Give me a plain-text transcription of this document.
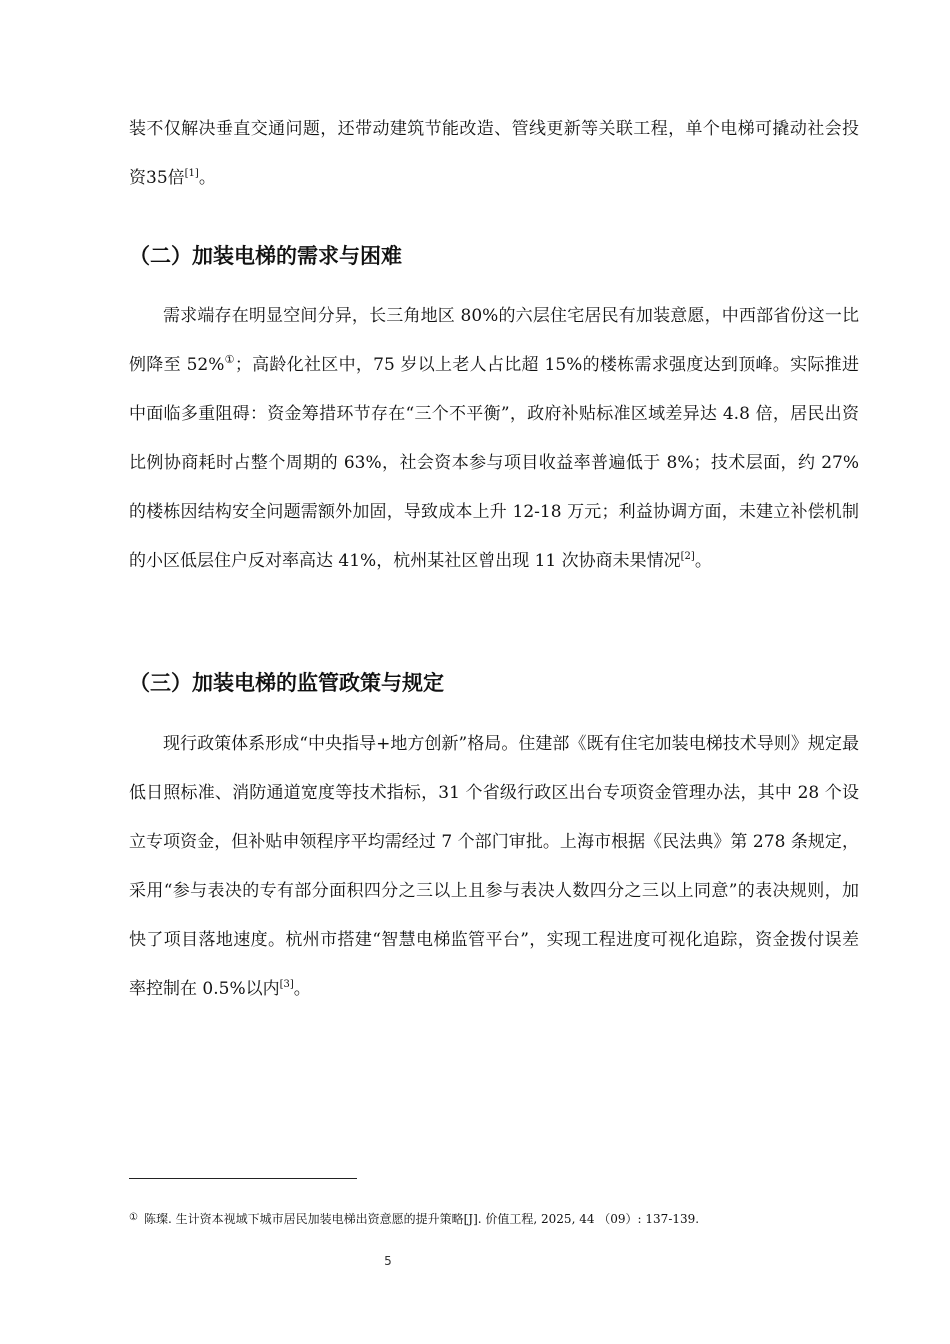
装不仅解决垂直交通问题，还带动建筑节能改造、管线更新等关联工程，单个电梯可撬动社会投资35倍[1]。

（二）加装电梯的需求与困难

需求端存在明显空间分异，长三角地区 80%的六层住宅居民有加装意愿，中西部省份这一比例降至 52%①；高龄化社区中，75 岁以上老人占比超 15%的楼栋需求强度达到顶峰。实际推进中面临多重阻碍：资金筹措环节存在“三个不平衡”，政府补贴标准区域差异达 4.8 倍，居民出资比例协商耗时占整个周期的 63%，社会资本参与项目收益率普遍低于 8%；技术层面，约 27%的楼栋因结构安全问题需额外加固，导致成本上升 12-18 万元；利益协调方面，未建立补偿机制的小区低层住户反对率高达 41%，杭州某社区曾出现 11 次协商未果情况[2]。

（三）加装电梯的监管政策与规定

现行政策体系形成“中央指导+地方创新”格局。住建部《既有住宅加装电梯技术导则》规定最低日照标准、消防通道宽度等技术指标，31 个省级行政区出台专项资金管理办法，其中 28 个设立专项资金，但补贴申领程序平均需经过 7 个部门审批。上海市根据《民法典》第 278 条规定，采用“参与表决的专有部分面积四分之三以上且参与表决人数四分之三以上同意”的表决规则，加快了项目落地速度。杭州市搭建“智慧电梯监管平台”，实现工程进度可视化追踪，资金拨付误差率控制在 0.5%以内[3]。

① 陈璨. 生计资本视域下城市居民加装电梯出资意愿的提升策略[J]. 价值工程, 2025, 44 （09）: 137-139.
5
